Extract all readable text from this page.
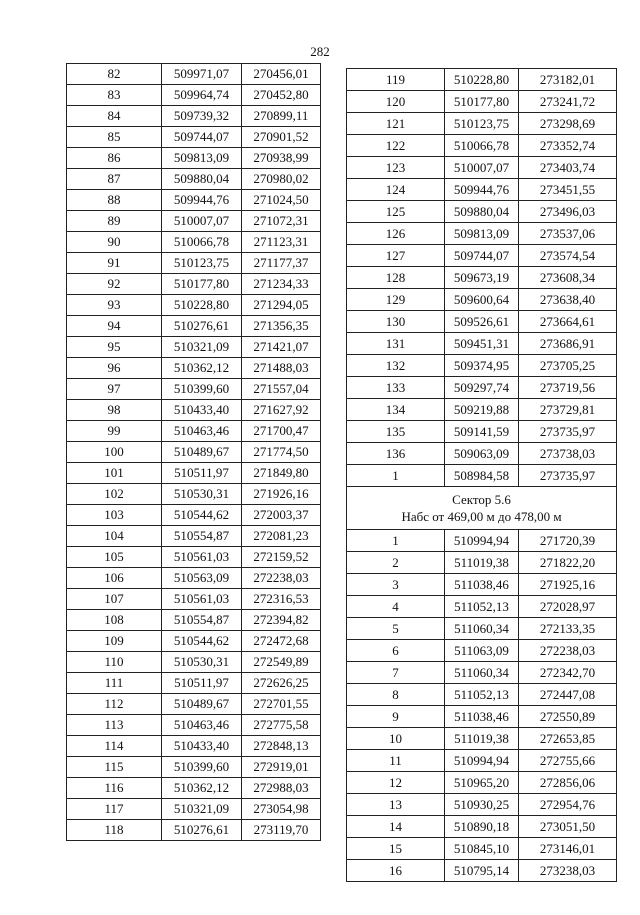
282
82	509971,07	270456,01
83	509964,74	270452,80
84	509739,32	270899,11
85	509744,07	270901,52
86	509813,09	270938,99
87	509880,04	270980,02
88	509944,76	271024,50
89	510007,07	271072,31
90	510066,78	271123,31
91	510123,75	271177,37
92	510177,80	271234,33
93	510228,80	271294,05
94	510276,61	271356,35
95	510321,09	271421,07
96	510362,12	271488,03
97	510399,60	271557,04
98	510433,40	271627,92
99	510463,46	271700,47
100	510489,67	271774,50
101	510511,97	271849,80
102	510530,31	271926,16
103	510544,62	272003,37
104	510554,87	272081,23
105	510561,03	272159,52
106	510563,09	272238,03
107	510561,03	272316,53
108	510554,87	272394,82
109	510544,62	272472,68
110	510530,31	272549,89
111	510511,97	272626,25
112	510489,67	272701,55
113	510463,46	272775,58
114	510433,40	272848,13
115	510399,60	272919,01
116	510362,12	272988,03
117	510321,09	273054,98
118	510276,61	273119,70
119	510228,80	273182,01
120	510177,80	273241,72
121	510123,75	273298,69
122	510066,78	273352,74
123	510007,07	273403,74
124	509944,76	273451,55
125	509880,04	273496,03
126	509813,09	273537,06
127	509744,07	273574,54
128	509673,19	273608,34
129	509600,64	273638,40
130	509526,61	273664,61
131	509451,31	273686,91
132	509374,95	273705,25
133	509297,74	273719,56
134	509219,88	273729,81
135	509141,59	273735,97
136	509063,09	273738,03
1	508984,58	273735,97

Сектор 5.6
Набс от 469,00 м до 478,00 м		

1	510994,94	271720,39
2	511019,38	271822,20
3	511038,46	271925,16
4	511052,13	272028,97
5	511060,34	272133,35
6	511063,09	272238,03
7	511060,34	272342,70
8	511052,13	272447,08
9	511038,46	272550,89
10	511019,38	272653,85
11	510994,94	272755,66
12	510965,20	272856,06
13	510930,25	272954,76
14	510890,18	273051,50
15	510845,10	273146,01
16	510795,14	273238,03
